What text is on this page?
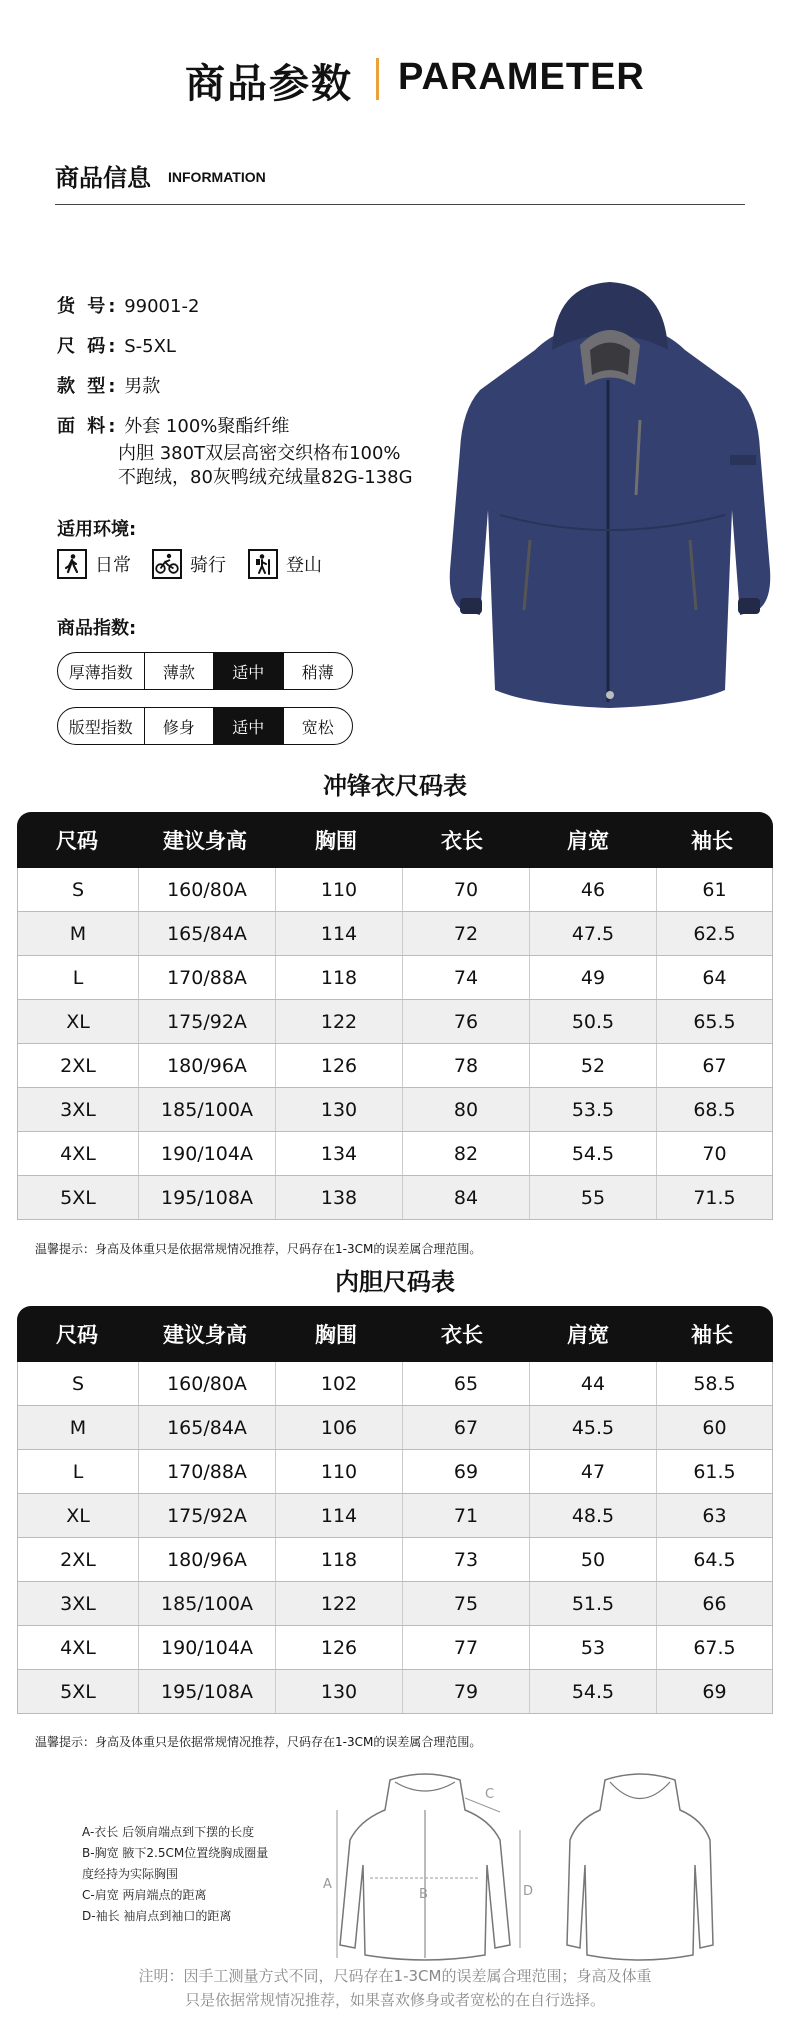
商品参数 PARAMETER
商品信息 INFORMATION
货 号: 99001-2
尺 码: S-5XL
款 型: 男款
面 料: 外套 100%聚酯纤维
内胆 380T双层高密交织格布100%
不跑绒，80灰鸭绒充绒量82G-138G
适用环境:
日常	骑行	登山
商品指数:
厚薄指数	薄款	适中	稍薄
版型指数	修身	适中	宽松
冲锋衣尺码表
尺码	建议身高	胸围	衣长	肩宽	袖长
S	160/80A	110	70	46	61
M	165/84A	114	72	47.5	62.5
L	170/88A	118	74	49	64
XL	175/92A	122	76	50.5	65.5
2XL	180/96A	126	78	52	67
3XL	185/100A	130	80	53.5	68.5
4XL	190/104A	134	82	54.5	70
5XL	195/108A	138	84	55	71.5
温馨提示：身高及体重只是依据常规情况推荐，尺码存在1-3CM的误差属合理范围。
内胆尺码表
尺码	建议身高	胸围	衣长	肩宽	袖长
S	160/80A	102	65	44	58.5
M	165/84A	106	67	45.5	60
L	170/88A	110	69	47	61.5
XL	175/92A	114	71	48.5	63
2XL	180/96A	118	73	50	64.5
3XL	185/100A	122	75	51.5	66
4XL	190/104A	126	77	53	67.5
5XL	195/108A	130	79	54.5	69
温馨提示：身高及体重只是依据常规情况推荐，尺码存在1-3CM的误差属合理范围。
A-衣长 后领肩端点到下摆的长度
B-胸宽 腋下2.5CM位置绕胸成圈量
度经持为实际胸围
C-肩宽 两肩端点的距离
D-袖长 袖肩点到袖口的距离
A
B
C
D
注明：因手工测量方式不同，尺码存在1-3CM的误差属合理范围；身高及体重
只是依据常规情况推荐，如果喜欢修身或者宽松的在自行选择。
